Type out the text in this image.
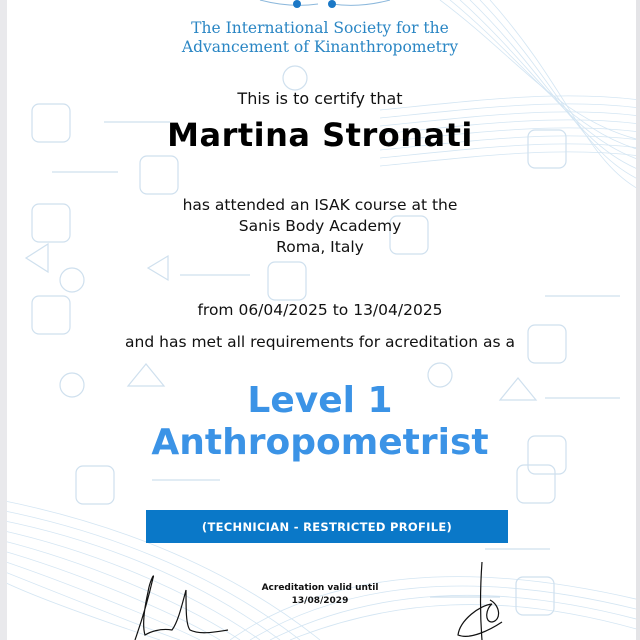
The International Society for the
Advancement of Kinanthropometry
This is to certify that
Martina Stronati
has attended an ISAK course at the
Sanis Body Academy
Roma, Italy
from 06/04/2025 to 13/04/2025
and has met all requirements for acreditation as a
Level 1
Anthropometrist
(TECHNICIAN - RESTRICTED PROFILE)
Acreditation valid until
13/08/2029
